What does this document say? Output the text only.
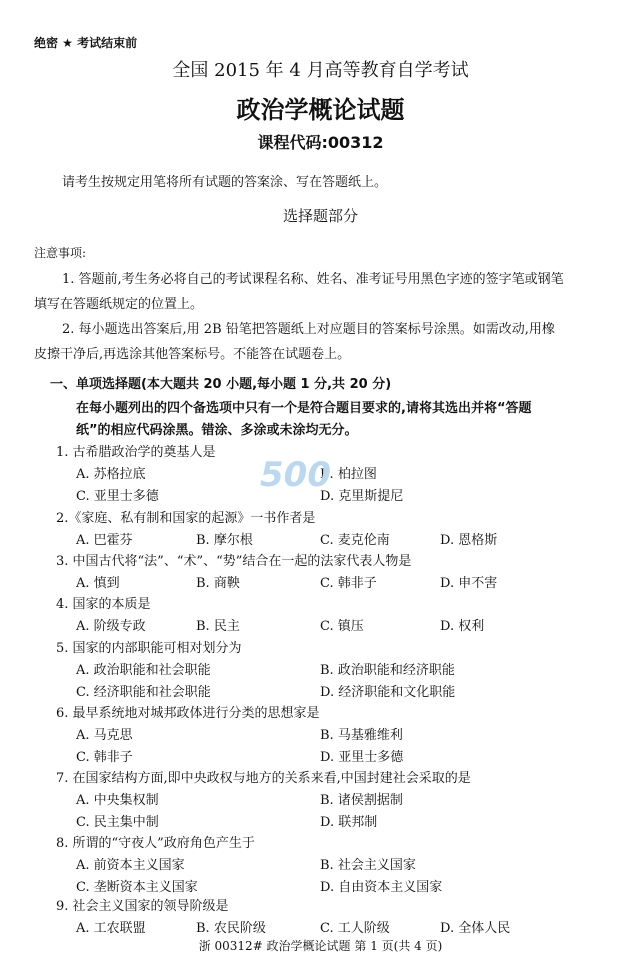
绝密 ★ 考试结束前
全国 2015 年 4 月高等教育自学考试
政治学概论试题
课程代码:00312
请考生按规定用笔将所有试题的答案涂、写在答题纸上。
选择题部分
注意事项:
1. 答题前,考生务必将自己的考试课程名称、姓名、准考证号用黑色字迹的签字笔或钢笔
填写在答题纸规定的位置上。
2. 每小题选出答案后,用 2B 铅笔把答题纸上对应题目的答案标号涂黑。如需改动,用橡
皮擦干净后,再选涂其他答案标号。不能答在试题卷上。
一、单项选择题(本大题共 20 小题,每小题 1 分,共 20 分)
在每小题列出的四个备选项中只有一个是符合题目要求的,请将其选出并将“答题
纸”的相应代码涂黑。错涂、多涂或未涂均无分。
1. 古希腊政治学的奠基人是
A. 苏格拉底	B. 柏拉图
C. 亚里士多德	D. 克里斯提尼
2.《家庭、私有制和国家的起源》一书作者是
A. 巴霍芬	B. 摩尔根	C. 麦克伦南	D. 恩格斯
3. 中国古代将“法”、“术”、“势”结合在一起的法家代表人物是
A. 慎到	B. 商鞅	C. 韩非子	D. 申不害
4. 国家的本质是
A. 阶级专政	B. 民主	C. 镇压	D. 权利
5. 国家的内部职能可相对划分为
A. 政治职能和社会职能	B. 政治职能和经济职能
C. 经济职能和社会职能	D. 经济职能和文化职能
6. 最早系统地对城邦政体进行分类的思想家是
A. 马克思	B. 马基雅维利
C. 韩非子	D. 亚里士多德
7. 在国家结构方面,即中央政权与地方的关系来看,中国封建社会采取的是
A. 中央集权制	B. 诸侯割据制
C. 民主集中制	D. 联邦制
8. 所谓的“守夜人”政府角色产生于
A. 前资本主义国家	B. 社会主义国家
C. 垄断资本主义国家	D. 自由资本主义国家
9. 社会主义国家的领导阶级是
A. 工农联盟	B. 农民阶级	C. 工人阶级	D. 全体人民
500
浙 00312# 政治学概论试题 第 1 页(共 4 页)
